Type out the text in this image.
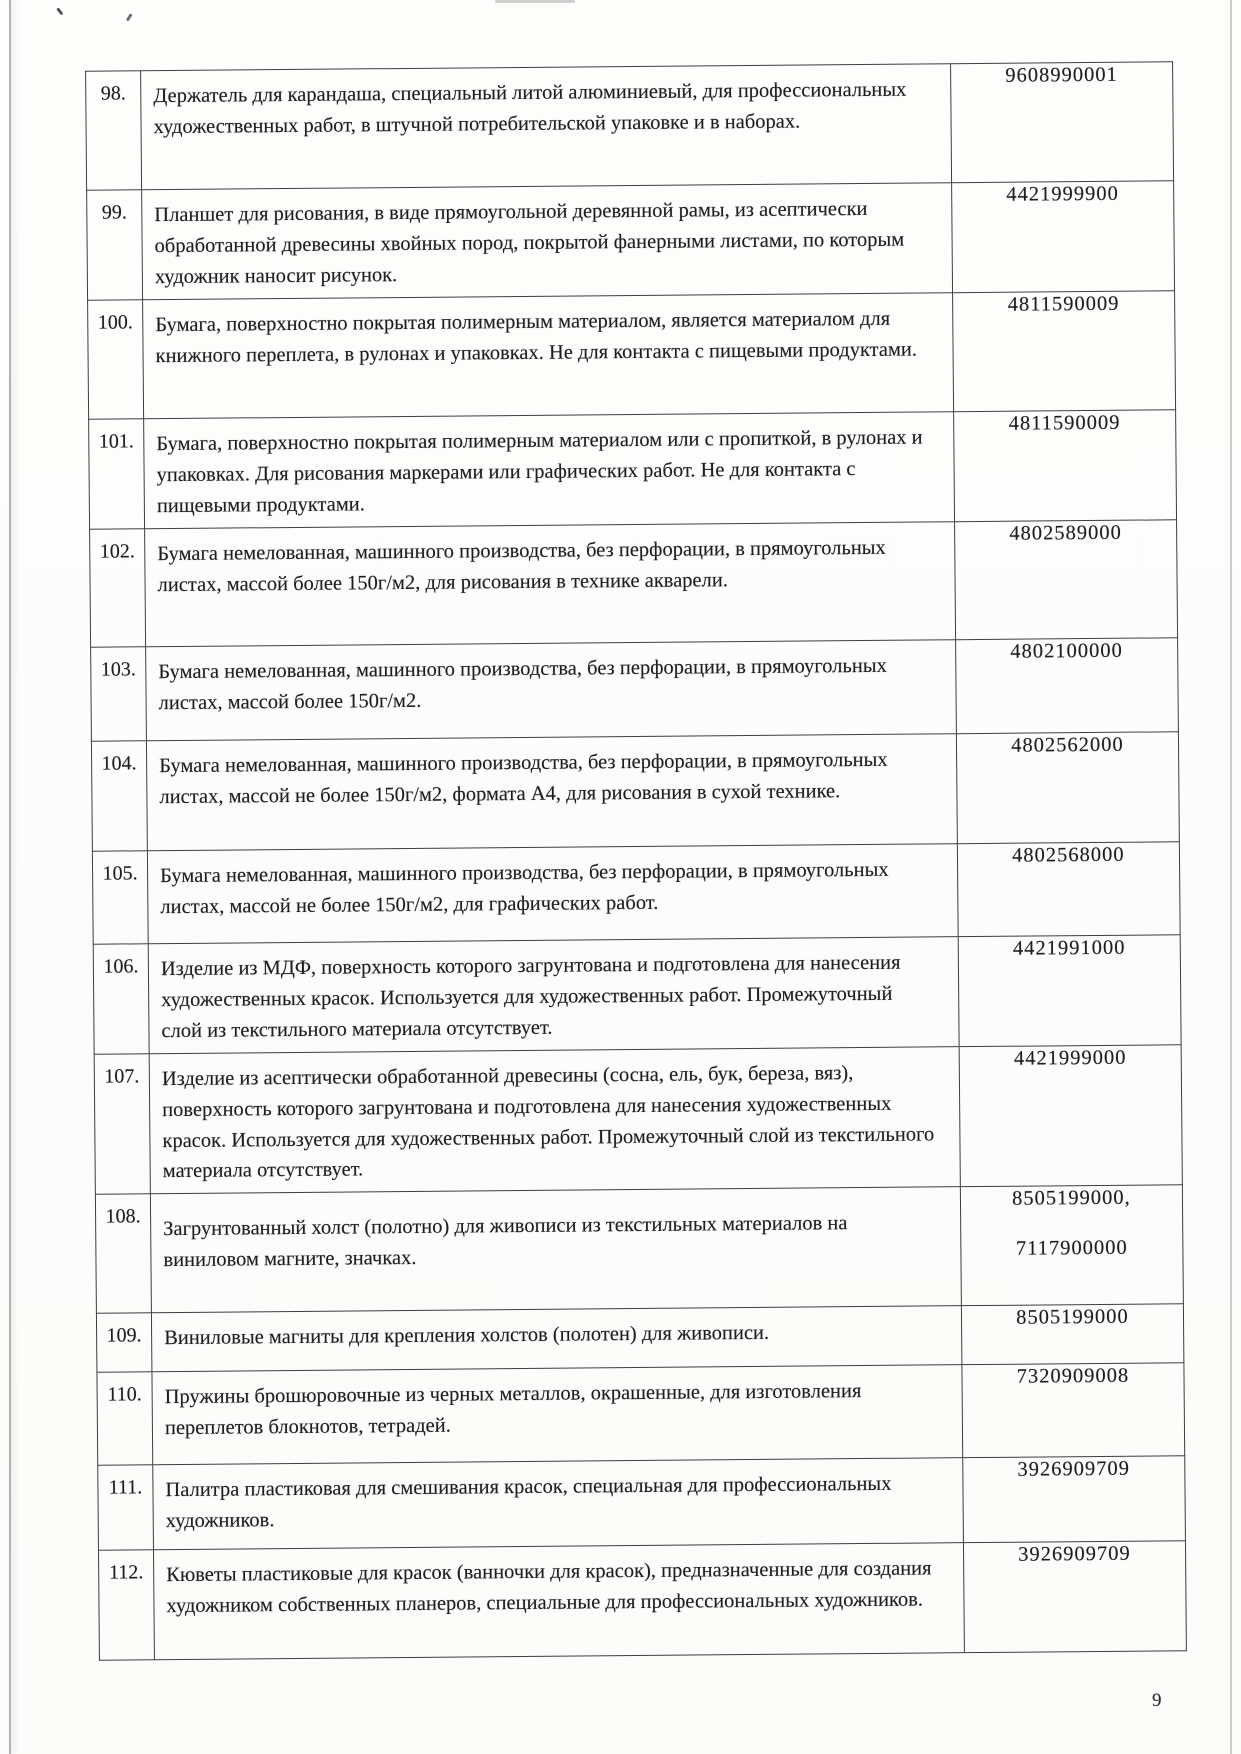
98.	Держатель для карандаша, специальный литой алюминиевый, для профессиональных художественных работ, в штучной потребительской упаковке и в наборах.	9608990001

99.	Планшет для рисования, в виде прямоугольной деревянной рамы, из асептически обработанной древесины хвойных пород, покрытой фанерными листами, по которым художник наносит рисунок.	4421999900

100.	Бумага, поверхностно покрытая полимерным материалом, является материалом для книжного переплета, в рулонах и упаковках. Не для контакта с пищевыми продуктами.	4811590009

101.	Бумага, поверхностно покрытая полимерным материалом или с пропиткой, в рулонах и упаковках. Для рисования маркерами или графических работ. Не для контакта с пищевыми продуктами.	4811590009

102.	Бумага немелованная, машинного производства, без перфорации, в прямоугольных листах, массой более 150г/м2, для рисования в технике акварели.	4802589000

103.	Бумага немелованная, машинного производства, без перфорации, в прямоугольных листах, массой более 150г/м2.	4802100000

104.	Бумага немелованная, машинного производства, без перфорации, в прямоугольных листах, массой не более 150г/м2, формата А4, для рисования в сухой технике.	4802562000

105.	Бумага немелованная, машинного производства, без перфорации, в прямоугольных листах, массой не более 150г/м2, для графических работ.	4802568000

106.	Изделие из МДФ, поверхность которого загрунтована и подготовлена для нанесения художественных красок. Используется для художественных работ. Промежуточный слой из текстильного материала отсутствует.	4421991000

107.	Изделие из асептически обработанной древесины (сосна, ель, бук, береза, вяз), поверхность которого загрунтована и подготовлена для нанесения художественных красок. Используется для художественных работ. Промежуточный слой из текстильного материала отсутствует.	4421999000

108.	Загрунтованный холст (полотно) для живописи из текстильных материалов на виниловом магните, значках.	8505199000,
7117900000

109.	Виниловые магниты для крепления холстов (полотен) для живописи.	8505199000

110.	Пружины брошюровочные из черных металлов, окрашенные, для изготовления переплетов блокнотов, тетрадей.	7320909008

111.	Палитра пластиковая для смешивания красок, специальная для профессиональных художников.	3926909709

112.	Кюветы пластиковые для красок (ванночки для красок), предназначенные для создания художником собственных планеров, специальные для профессиональных художников.	3926909709
9
